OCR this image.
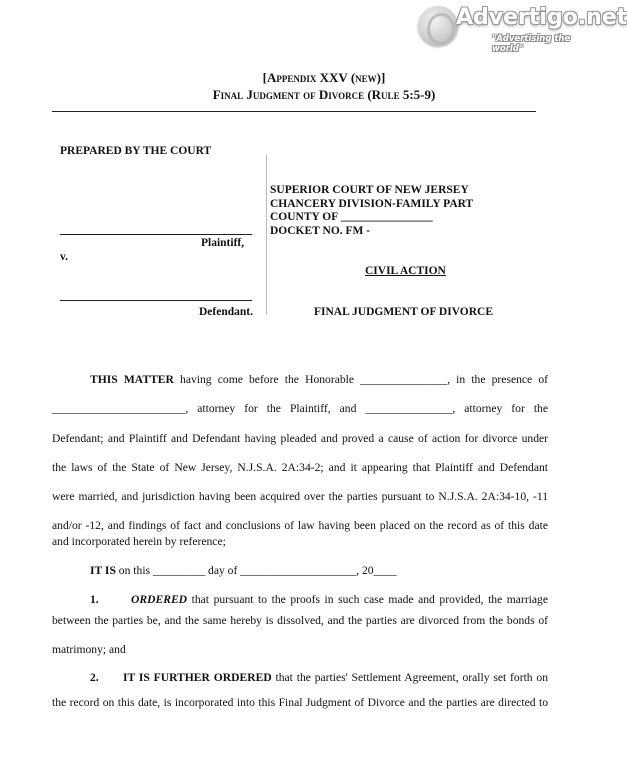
Advertigo.net
"Advertising the world"
[Appendix XXV (new)]
Final Judgment of Divorce (Rule 5:5-9)
PREPARED BY THE COURT
SUPERIOR COURT OF NEW JERSEY
CHANCERY DIVISION-FAMILY PART
COUNTY OF ________________
DOCKET NO. FM -
Plaintiff,
v.
Defendant.
CIVIL ACTION
FINAL JUDGMENT OF DIVORCE
THIS MATTER having come before the Honorable _______________, in the presence of
_______________________, attorney for the Plaintiff, and _______________, attorney for the
Defendant; and Plaintiff and Defendant having pleaded and proved a cause of action for divorce under
the laws of the State of New Jersey, N.J.S.A. 2A:34-2; and it appearing that Plaintiff and Defendant
were married, and jurisdiction having been acquired over the parties pursuant to N.J.S.A. 2A:34-10, -11
and/or -12, and findings of fact and conclusions of law having been placed on the record as of this date
and incorporated herein by reference;
IT IS on this _________ day of ____________________, 20____
1.	ORDERED that pursuant to the proofs in such case made and provided, the marriage
between the parties be, and the same hereby is dissolved, and the parties are divorced from the bonds of
matrimony; and
2.	IT IS FURTHER ORDERED that the parties' Settlement Agreement, orally set forth on
the record on this date, is incorporated into this Final Judgment of Divorce and the parties are directed to
